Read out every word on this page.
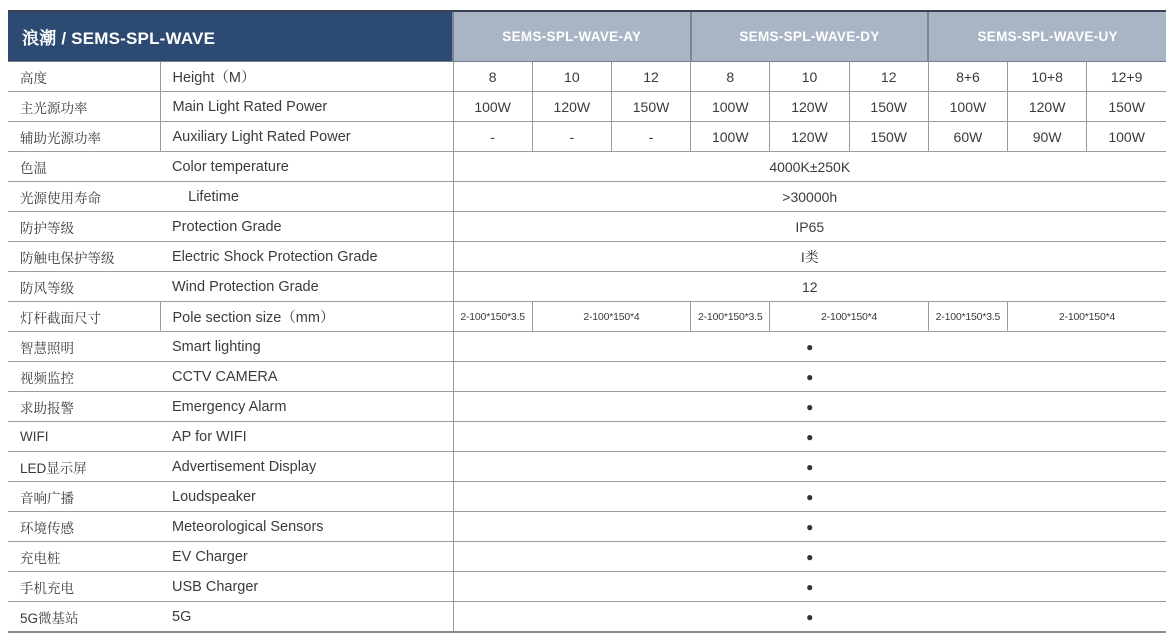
浪潮 / SEMS-SPL-WAVE		SEMS-SPL-WAVE-AY			SEMS-SPL-WAVE-DY			SEMS-SPL-WAVE-UY		
高度	Height（M）	8	10	12	8	10	12	8+6	10+8	12+9
主光源功率	Main Light Rated Power	100W	120W	150W	100W	120W	150W	100W	120W	150W
辅助光源功率	Auxiliary Light Rated Power	-	-	-	100W	120W	150W	60W	90W	100W
色温	Color temperature	4000K±250K								
光源使用寿命	Lifetime	>30000h								
防护等级	Protection Grade	IP65								
防触电保护等级	Electric Shock Protection Grade	I类								
防风等级	Wind Protection Grade	12								
灯杆截面尺寸	Pole section size（mm）	2-100*150*3.5	2-100*150*4		2-100*150*3.5	2-100*150*4		2-100*150*3.5	2-100*150*4	
智慧照明	Smart lighting	●								
视频监控	CCTV CAMERA	●								
求助报警	Emergency Alarm	●								
WIFI	AP for WIFI	●								
LED显示屏	Advertisement Display	●								
音响广播	Loudspeaker	●								
环境传感	Meteorological Sensors	●								
充电桩	EV Charger	●								
手机充电	USB Charger	●								
5G微基站	5G	●								
